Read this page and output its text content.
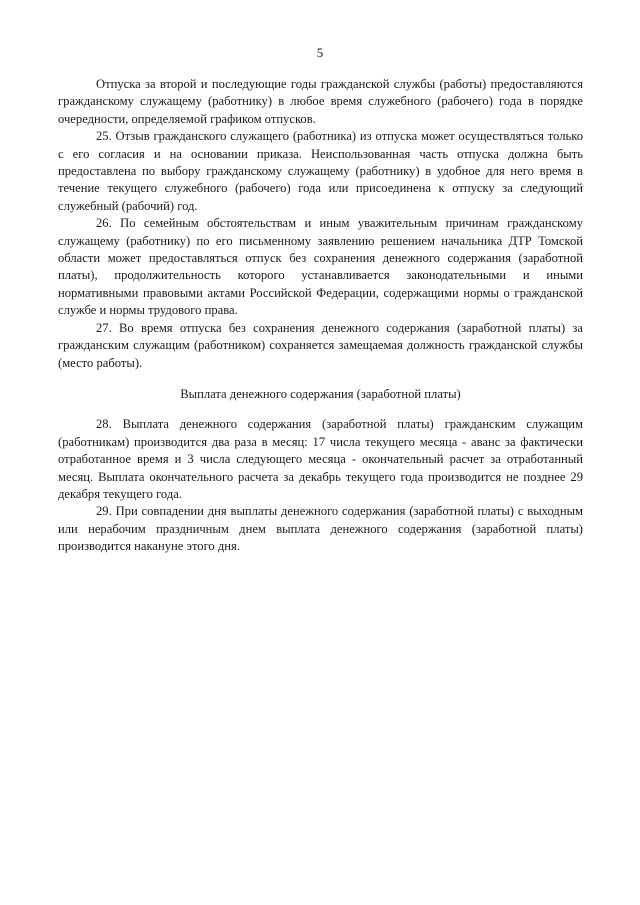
5

Отпуска за второй и последующие годы гражданской службы (работы) предоставляются гражданскому служащему (работнику) в любое время служебного (рабочего) года в порядке очередности, определяемой графиком отпусков.

25. Отзыв гражданского служащего (работника) из отпуска может осуществляться только с его согласия и на основании приказа. Неиспользованная часть отпуска должна быть предоставлена по выбору гражданскому служащему (работнику) в удобное для него время в течение текущего служебного (рабочего) года или присоединена к отпуску за следующий служебный (рабочий) год.

26. По семейным обстоятельствам и иным уважительным причинам гражданскому служащему (работнику) по его письменному заявлению решением начальника ДТР Томской области может предоставляться отпуск без сохранения денежного содержания (заработной платы), продолжительность которого устанавливается законодательными и иными нормативными правовыми актами Российской Федерации, содержащими нормы о гражданской службе и нормы трудового права.

27. Во время отпуска без сохранения денежного содержания (заработной платы) за гражданским служащим (работником) сохраняется замещаемая должность гражданской службы (место работы).

Выплата денежного содержания (заработной платы)

28. Выплата денежного содержания (заработной платы) гражданским служащим (работникам) производится два раза в месяц: 17 числа текущего месяца - аванс за фактически отработанное время и 3 числа следующего месяца - окончательный расчет за отработанный месяц. Выплата окончательного расчета за декабрь текущего года производится не позднее 29 декабря текущего года.

29. При совпадении дня выплаты денежного содержания (заработной платы) с выходным или нерабочим праздничным днем выплата денежного содержания (заработной платы) производится накануне этого дня.
